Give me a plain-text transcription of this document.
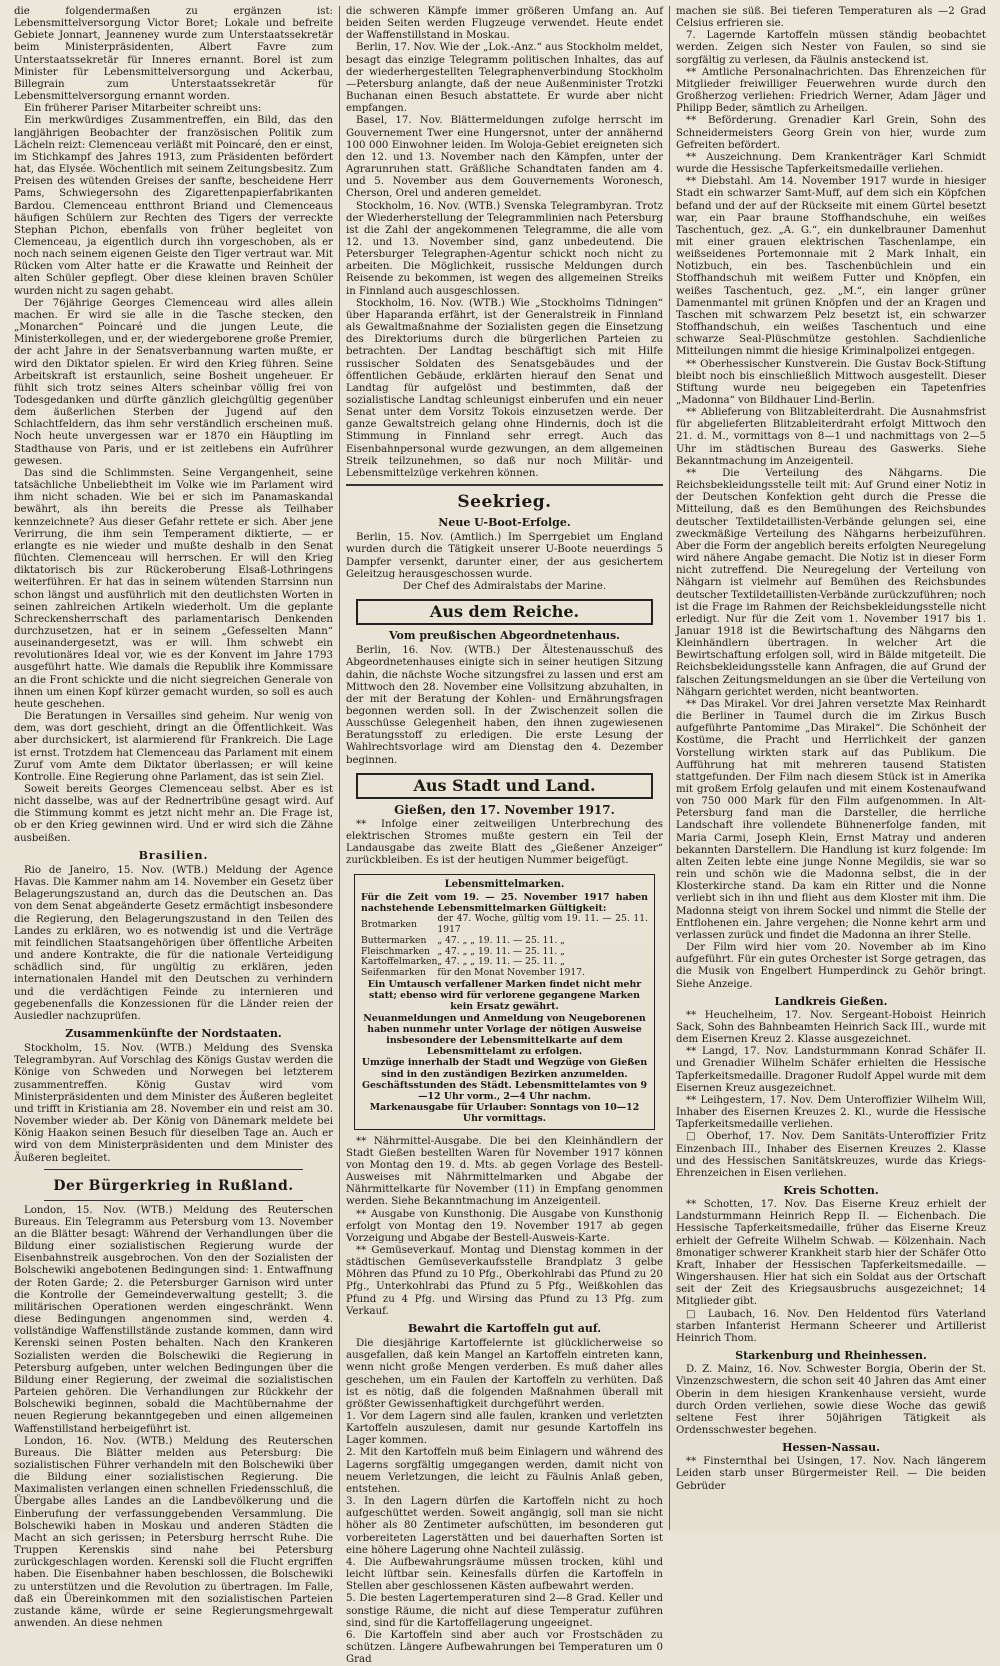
die folgendermaßen zu ergänzen ist: Lebensmittelversorgung Victor Boret; Lokale und befreite Gebiete Jonnart, Jeanneney wurde zum Unterstaatssekretär beim Ministerpräsidenten, Albert Favre zum Unterstaatssekretär für Inneres ernannt. Borel ist zum Minister für Lebensmittelversorgung und Ackerbau, Billegrain zum Unterstaatssekretär für Lebensmittelversorgung ernannt worden.

Ein früherer Pariser Mitarbeiter schreibt uns:

Ein merkwürdiges Zusammentreffen, ein Bild, das den langjährigen Beobachter der französischen Politik zum Lächeln reizt: Clemenceau verläßt mit Poincaré, den er einst, im Stichkampf des Jahres 1913, zum Präsidenten befördert hat, das Elysée. Wöchentlich mit seinem Zeitungsbesitz. Zum Preisen des wütenden Greises der sanfte, bescheidene Herr Pams, Schwiegersohn des Zigarettenpapierfabrikanten Bardou. Clemenceau entthront Briand und Clemenceaus häufigen Schülern zur Rechten des Tigers der verreckte Stephan Pichon, ebenfalls von früher begleitet von Clemenceau, ja eigentlich durch ihn vorgeschoben, als er noch nach seinem eigenen Geiste den Tiger vertraut war. Mit Rücken vom Alter hatte er die Krawatte und Reinheit der alten Schüler gepflegt. Ober diese kleinen braven Schüler wurden nicht zu sagen gehabt.

Der 76jährige Georges Clemenceau wird alles allein machen. Er wird sie alle in die Tasche stecken, den „Monarchen“ Poincaré und die jungen Leute, die Ministerkollegen, und er, der wiedergeborene große Premier, der acht Jahre in der Senatsverbannung warten mußte, er wird den Diktator spielen. Er wird den Krieg führen. Seine Arbeitskraft ist erstaunlich, seine Bosheit ungeheuer. Er fühlt sich trotz seines Alters scheinbar völlig frei von Todesgedanken und dürfte gänzlich gleichgültig gegenüber dem äußerlichen Sterben der Jugend auf den Schlachtfeldern, das ihm sehr verständlich erscheinen muß. Noch heute unvergessen war er 1870 ein Häuptling im Stadthause von Paris, und er ist zeitlebens ein Aufrührer gewesen.

Das sind die Schlimmsten. Seine Vergangenheit, seine tatsächliche Unbeliebtheit im Volke wie im Parlament wird ihm nicht schaden. Wie bei er sich im Panamaskandal bewährt, als ihn bereits die Presse als Teilhaber kennzeichnete? Aus dieser Gefahr rettete er sich. Aber jene Verirrung, die ihm sein Temperament diktierte, — er erlangte es nie wieder und mußte deshalb in den Senat flüchten. Clemenceau will herrschen. Er will den Krieg diktatorisch bis zur Rückeroberung Elsaß-Lothringens weiterführen. Er hat das in seinem wütenden Starrsinn nun schon längst und ausführlich mit den deutlichsten Worten in seinen zahlreichen Artikeln wiederholt. Um die geplante Schreckensherrschaft des parlamentarisch Denkenden durchzusetzen, hat er in seinem „Gefesselten Mann“ auseinandergesetzt, was er will. Ihm schwebt ein revolutionäres Ideal vor, wie es der Konvent im Jahre 1793 ausgeführt hatte. Wie damals die Republik ihre Kommissare an die Front schickte und die nicht siegreichen Generale von ihnen um einen Kopf kürzer gemacht wurden, so soll es auch heute geschehen.

Die Beratungen in Versailles sind geheim. Nur wenig von dem, was dort geschieht, dringt an die Öffentlichkeit. Was aber durchsickert, ist alarmierend für Frankreich. Die Lage ist ernst. Trotzdem hat Clemenceau das Parlament mit einem Zuruf vom Amte dem Diktator überlassen; er will keine Kontrolle. Eine Regierung ohne Parlament, das ist sein Ziel.

Soweit bereits Georges Clemenceau selbst. Aber es ist nicht dasselbe, was auf der Rednertribüne gesagt wird. Auf die Stimmung kommt es jetzt nicht mehr an. Die Frage ist, ob er den Krieg gewinnen wird. Und er wird sich die Zähne ausbeißen.

Brasilien.

Rio de Janeiro, 15. Nov. (WTB.) Meldung der Agence Havas. Die Kammer nahm am 14. November ein Gesetz über Belagerungszustand an, durch das die Deutschen an. Das von dem Senat abgeänderte Gesetz ermächtigt insbesondere die Regierung, den Belagerungszustand in den Teilen des Landes zu erklären, wo es notwendig ist und die Verträge mit feindlichen Staatsangehörigen über öffentliche Arbeiten und andere Kontrakte, die für die nationale Verteidigung schädlich sind, für ungültig zu erklären, jeden internationalen Handel mit den Deutschen zu verhindern und die verdächtigen Feinde zu internieren und gegebenenfalls die Konzessionen für die Länder reien der Ausiedler nachzuprüfen.

Zusammenkünfte der Nordstaaten.

Stockholm, 15. Nov. (WTB.) Meldung des Svenska Telegrambyran. Auf Vorschlag des Königs Gustav werden die Könige von Schweden und Norwegen bei letzterem zusammentreffen. König Gustav wird vom Ministerpräsidenten und dem Minister des Äußeren begleitet und trifft in Kristiania am 28. November ein und reist am 30. November wieder ab. Der König von Dänemark meldete bei König Haakon seinen Besuch für dieselben Tage an. Auch er wird von dem Ministerpräsidenten und dem Minister des Äußeren begleitet.

Der Bürgerkrieg in Rußland.

London, 15. Nov. (WTB.) Meldung des Reuterschen Bureaus. Ein Telegramm aus Petersburg vom 13. November an die Blätter besagt: Während der Verhandlungen über die Bildung einer sozialistischen Regierung wurde der Eisenbahnstreik ausgebrochen. Von den der Sozialisten der Bolschewiki angebotenen Bedingungen sind: 1. Entwaffnung der Roten Garde; 2. die Petersburger Garnison wird unter die Kontrolle der Gemeindeverwaltung gestellt; 3. die militärischen Operationen werden eingeschränkt. Wenn diese Bedingungen angenommen sind, werden 4. vollständige Waffenstillstände zustande kommen, dann wird Kerenski seinen Posten behalten. Nach den Krankeren Sozialisten werden die Bolschewiki die Regierung in Petersburg aufgeben, unter welchen Bedingungen über die Bildung einer Regierung, der zweimal die sozialistischen Parteien gehören. Die Verhandlungen zur Rückkehr der Bolschewiki beginnen, sobald die Machtübernahme der neuen Regierung bekanntgegeben und einen allgemeinen Waffenstillstand herbeigeführt ist.

London, 16. Nov. (WTB.) Meldung des Reuterschen Bureaus. Die Blätter melden aus Petersburg: Die sozialistischen Führer verhandeln mit den Bolschewiki über die Bildung einer sozialistischen Regierung. Die Maximalisten verlangen einen schnellen Friedensschluß, die Übergabe alles Landes an die Landbevölkerung und die Einberufung der verfassunggebenden Versammlung. Die Bolschewiki haben in Moskau und anderen Städten die Macht an sich gerissen; in Petersburg herrscht Ruhe. Die Truppen Kerenskis sind nahe bei Petersburg zurückgeschlagen worden. Kerenski soll die Flucht ergriffen haben. Die Eisenbahner haben beschlossen, die Bolschewiki zu unterstützen und die Revolution zu übertragen. Im Falle, daß ein Übereinkommen mit den sozialistischen Parteien zustande käme, würde er seine Regierungsmehrgewalt anwenden. An diese nehmen

die schweren Kämpfe immer größeren Umfang an. Auf beiden Seiten werden Flugzeuge verwendet. Heute endet der Waffenstillstand in Moskau.

Berlin, 17. Nov. Wie der „Lok.-Anz.“ aus Stockholm meldet, besagt das einzige Telegramm politischen Inhaltes, das auf der wiederhergestellten Telegraphenverbindung Stockholm—Petersburg anlangte, daß der neue Außenminister Trotzki Buchanan einen Besuch abstattete. Er wurde aber nicht empfangen.

Basel, 17. Nov. Blättermeldungen zufolge herrscht im Gouvernement Twer eine Hungersnot, unter der annähernd 100 000 Einwohner leiden. Im Woloja-Gebiet ereigneten sich den 12. und 13. November nach den Kämpfen, unter der Agrarunruhen statt. Gräßliche Schandtaten fanden am 4. und 5. November aus dem Gouvernements Woronesch, Cherson, Orel und anderen gemeldet.

Stockholm, 16. Nov. (WTB.) Svenska Telegrambyran. Trotz der Wiederherstellung der Telegrammlinien nach Petersburg ist die Zahl der angekommenen Telegramme, die alle vom 12. und 13. November sind, ganz unbedeutend. Die Petersburger Telegraphen-Agentur schickt noch nicht zu arbeiten. Die Möglichkeit, russische Meldungen durch Reisende zu bekommen, ist wegen des allgemeinen Streiks in Finnland auch ausgeschlossen.

Stockholm, 16. Nov. (WTB.) Wie „Stockholms Tidningen“ über Haparanda erfährt, ist der Generalstreik in Finnland als Gewaltmaßnahme der Sozialisten gegen die Einsetzung des Direktoriums durch die bürgerlichen Parteien zu betrachten. Der Landtag beschäftigt sich mit Hilfe russischer Soldaten des Senatsgebäudes und der öffentlichen Gebäude, erklärten hierauf den Senat und Landtag für aufgelöst und bestimmten, daß der sozialistische Landtag schleunigst einberufen und ein neuer Senat unter dem Vorsitz Tokois einzusetzen werde. Der ganze Gewaltstreich gelang ohne Hindernis, doch ist die Stimmung in Finnland sehr erregt. Auch das Eisenbahnpersonal wurde gezwungen, an dem allgemeinen Streik teilzunehmen, so daß nur noch Militär- und Lebensmittelzüge verkehren können.

Seekrieg.
Neue U-Boot-Erfolge.

Berlin, 15. Nov. (Amtlich.) Im Sperrgebiet um England wurden durch die Tätigkeit unserer U-Boote neuerdings 5 Dampfer versenkt, darunter einer, der aus gesichertem Geleitzug herausgeschossen wurde.

Der Chef des Admiralstabs der Marine.

Aus dem Reiche.
Vom preußischen Abgeordnetenhaus.

Berlin, 16. Nov. (WTB.) Der Ältestenausschuß des Abgeordnetenhauses einigte sich in seiner heutigen Sitzung dahin, die nächste Woche sitzungsfrei zu lassen und erst am Mittwoch den 28. November eine Vollsitzung abzuhalten, in der mit der Beratung der Kohlen- und Ernährungsfragen begonnen werden soll. In der Zwischenzeit sollen die Ausschüsse Gelegenheit haben, den ihnen zugewiesenen Beratungsstoff zu erledigen. Die erste Lesung der Wahlrechtsvorlage wird am Dienstag den 4. Dezember beginnen.

Aus Stadt und Land.
Gießen, den 17. November 1917.

** Infolge einer zeitweiligen Unterbrechung des elektrischen Stromes mußte gestern ein Teil der Landausgabe das zweite Blatt des „Gießener Anzeiger“ zurückbleiben. Es ist der heutigen Nummer beigefügt.

Lebensmittelmarken.
Für die Zeit vom 19. — 25. November 1917 haben nachstehende Lebensmittelmarken Gültigkeit:
Brotmarken	der 47. Woche, gültig vom 19. 11. — 25. 11. 1917
Buttermarken	„ 47. „ „ 19. 11. — 25. 11. „
Fleischmarken	„ 47. „ „ 19. 11. — 25. 11. „
Kartoffelmarken	„ 47. „ „ 19. 11. — 25. 11. „
Seifenmarken	für den Monat November 1917.
Ein Umtausch verfallener Marken findet nicht mehr statt; ebenso wird für verlorene gegangene Marken kein Ersatz gewährt.
Neuanmeldungen und Anmeldung von Neugeborenen haben nunmehr unter Vorlage der nötigen Ausweise insbesondere der Lebensmittelkarte auf dem Lebensmittelamt zu erfolgen.
Umzüge innerhalb der Stadt und Wegzüge von Gießen sind in den zuständigen Bezirken anzumelden.
Geschäftsstunden des Städt. Lebensmittelamtes von 9—12 Uhr vorm., 2—4 Uhr nachm.
Markenausgabe für Urlauber: Sonntags von 10—12 Uhr vormittags.

** Nährmittel-Ausgabe. Die bei den Kleinhändlern der Stadt Gießen bestellten Waren für November 1917 können von Montag den 19. d. Mts. ab gegen Vorlage des Bestell-Ausweises mit Nährmittelmarken und Abgabe der Nährmittelkarte für November (11) in Empfang genommen werden. Siehe Bekanntmachung im Anzeigenteil.

** Ausgabe von Kunsthonig. Die Ausgabe von Kunsthonig erfolgt von Montag den 19. November 1917 ab gegen Vorzeigung und Abgabe der Bestell-Ausweis-Karte.

** Gemüseverkauf. Montag und Dienstag kommen in der städtischen Gemüseverkaufsstelle Brandplatz 3 gelbe Möhren das Pfund zu 10 Pfg., Oberkohlrabi das Pfund zu 20 Pfg., Unterkohlrabi das Pfund zu 5 Pfg., Weißkohlen das Pfund zu 4 Pfg. und Wirsing das Pfund zu 13 Pfg. zum Verkauf.

Bewahrt die Kartoffeln gut auf.

Die diesjährige Kartoffelernte ist glücklicherweise so ausgefallen, daß kein Mangel an Kartoffeln eintreten kann, wenn nicht große Mengen verderben. Es muß daher alles geschehen, um ein Faulen der Kartoffeln zu verhüten. Daß ist es nötig, daß die folgenden Maßnahmen überall mit größter Gewissenhaftigkeit durchgeführt werden.

1. Vor dem Lagern sind alle faulen, kranken und verletzten Kartoffeln auszulesen, damit nur gesunde Kartoffeln ins Lager kommen.

2. Mit den Kartoffeln muß beim Einlagern und während des Lagerns sorgfältig umgegangen werden, damit nicht von neuem Verletzungen, die leicht zu Fäulnis Anlaß geben, entstehen.

3. In den Lagern dürfen die Kartoffeln nicht zu hoch aufgeschüttet werden. Soweit angängig, soll man sie nicht höher als 80 Zentimeter aufschütten, im besonderen gut vorbereiteten Lagerstätten und bei dauerhaften Sorten ist eine höhere Lagerung ohne Nachteil zulässig.

4. Die Aufbewahrungsräume müssen trocken, kühl und leicht lüftbar sein. Keinesfalls dürfen die Kartoffeln in Stellen aber geschlossenen Kästen aufbewahrt werden.

5. Die besten Lagertemperaturen sind 2—8 Grad. Keller und sonstige Räume, die nicht auf diese Temperatur zuführen sind, sind für die Kartoffellagerung ungeeignet.

6. Die Kartoffeln sind aber auch vor Frostschäden zu schützen. Längere Aufbewahrungen bei Temperaturen um 0 Grad

machen sie süß. Bei tieferen Temperaturen als —2 Grad Celsius erfrieren sie.

7. Lagernde Kartoffeln müssen ständig beobachtet werden. Zeigen sich Nester von Faulen, so sind sie sorgfältig zu verlesen, da Fäulnis ansteckend ist.

** Amtliche Personalnachrichten. Das Ehrenzeichen für Mitglieder freiwilliger Feuerwehren wurde durch den Großherzog verliehen: Friedrich Werner, Adam Jäger und Philipp Beder, sämtlich zu Arheilgen.

** Beförderung. Grenadier Karl Grein, Sohn des Schneidermeisters Georg Grein von hier, wurde zum Gefreiten befördert.

** Auszeichnung. Dem Krankenträger Karl Schmidt wurde die Hessische Tapferkeitsmedaille verliehen.

** Diebstahl. Am 14. November 1917 wurde in hiesiger Stadt ein schwarzer Samt-Muff, auf dem sich ein Köpfchen befand und der auf der Rückseite mit einem Gürtel besetzt war, ein Paar braune Stoffhandschuhe, ein weißes Taschentuch, gez. „A. G.“, ein dunkelbrauner Damenhut mit einer grauen elektrischen Taschenlampe, ein weißseidenes Portemonnaie mit 2 Mark Inhalt, ein Notizbuch, ein bes. Taschenbüchlein und ein Stoffhandschuh mit weißem Futter und Knöpfen, ein weißes Taschentuch, gez. „M.“, ein langer grüner Damenmantel mit grünen Knöpfen und der an Kragen und Taschen mit schwarzem Pelz besetzt ist, ein schwarzer Stoffhandschuh, ein weißes Taschentuch und eine schwarze Seal-Plüschmütze gestohlen. Sachdienliche Mitteilungen nimmt die hiesige Kriminalpolizei entgegen.

** Oberhessischer Kunstverein. Die Gustav Bock-Stiftung bleibt noch bis einschließlich Mittwoch ausgestellt. Dieser Stiftung wurde neu beigegeben ein Tapetenfries „Madonna“ von Bildhauer Lind-Berlin.

** Ablieferung von Blitzableiterdraht. Die Ausnahmsfrist für abgelieferten Blitzableiterdraht erfolgt Mittwoch den 21. d. M., vormittags von 8—1 und nachmittags von 2—5 Uhr im städtischen Bureau des Gaswerks. Siehe Bekanntmachung im Anzeigenteil.

** Die Verteilung des Nähgarns. Die Reichsbekleidungsstelle teilt mit: Auf Grund einer Notiz in der Deutschen Konfektion geht durch die Presse die Mitteilung, daß es den Bemühungen des Reichsbundes deutscher Textildetaillisten-Verbände gelungen sei, eine zweckmäßige Verteilung des Nähgarns herbeizuführen. Aber die Form der angeblich bereits erfolgten Neuregelung wird nähere Angabe gemacht. Die Notiz ist in dieser Form nicht zutreffend. Die Neuregelung der Verteilung von Nähgarn ist vielmehr auf Bemühen des Reichsbundes deutscher Textildetaillisten-Verbände zurückzuführen; noch ist die Frage im Rahmen der Reichsbekleidungsstelle nicht erledigt. Nur für die Zeit vom 1. November 1917 bis 1. Januar 1918 ist die Bewirtschaftung des Nähgarns den Kleinhändlern übertragen. In welcher Art die Bewirtschaftung erfolgen soll, wird in Bälde mitgeteilt. Die Reichsbekleidungsstelle kann Anfragen, die auf Grund der falschen Zeitungsmeldungen an sie über die Verteilung von Nähgarn gerichtet werden, nicht beantworten.

** Das Mirakel. Vor drei Jahren versetzte Max Reinhardt die Berliner in Taumel durch die im Zirkus Busch aufgeführte Pantomime „Das Mirakel“. Die Schönheit der Kostüme, die Pracht und Herrlichkeit der ganzen Vorstellung wirkten stark auf das Publikum. Die Aufführung hat mit mehreren tausend Statisten stattgefunden. Der Film nach diesem Stück ist in Amerika mit großem Erfolg gelaufen und mit einem Kostenaufwand von 750 000 Mark für den Film aufgenommen. In Alt-Petersburg fand man die Darsteller, die herrliche Landschaft ihre vollendete Bühnenerfolge fanden, mit Maria Carmi, Joseph Klein, Ernst Matray und anderen bekannten Darstellern. Die Handlung ist kurz folgende: Im alten Zeiten lebte eine junge Nonne Megildis, sie war so rein und schön wie die Madonna selbst, die in der Klosterkirche stand. Da kam ein Ritter und die Nonne verliebt sich in ihn und flieht aus dem Kloster mit ihm. Die Madonna steigt von ihrem Sockel und nimmt die Stelle der Entflohenen ein. Jahre vergehen; die Nonne kehrt arm und verlassen zurück und findet die Madonna an ihrer Stelle.

Der Film wird hier vom 20. November ab im Kino aufgeführt. Für ein gutes Orchester ist Sorge getragen, das die Musik von Engelbert Humperdinck zu Gehör bringt. Siehe Anzeige.

Landkreis Gießen.

** Heuchelheim, 17. Nov. Sergeant-Hoboist Heinrich Sack, Sohn des Bahnbeamten Heinrich Sack III., wurde mit dem Eisernen Kreuz 2. Klasse ausgezeichnet.

** Langd, 17. Nov. Landsturmmann Konrad Schäfer II. und Grenadier Wilhelm Schäfer erhielten die Hessische Tapferkeitsmedaille. Dragoner Rudolf Appel wurde mit dem Eisernen Kreuz ausgezeichnet.

** Leihgestern, 17. Nov. Dem Unteroffizier Wilhelm Will, Inhaber des Eisernen Kreuzes 2. Kl., wurde die Hessische Tapferkeitsmedaille verliehen.

□ Oberhof, 17. Nov. Dem Sanitäts-Unteroffizier Fritz Einzenbach III., Inhaber des Eisernen Kreuzes 2. Klasse und des Hessischen Sanitätskreuzes, wurde das Kriegs-Ehrenzeichen in Eisen verliehen.

Kreis Schotten.

** Schotten, 17. Nov. Das Eiserne Kreuz erhielt der Landsturmmann Heinrich Repp II. — Eichenbach. Die Hessische Tapferkeitsmedaille, früher das Eiserne Kreuz erhielt der Gefreite Wilhelm Schwab. — Kölzenhain. Nach 8monatiger schwerer Krankheit starb hier der Schäfer Otto Kraft, Inhaber der Hessischen Tapferkeitsmedaille. — Wingershausen. Hier hat sich ein Soldat aus der Ortschaft seit der Zeit des Kriegsausbruchs ausgezeichnet; 14 Mitglieder gibt.

□ Laubach, 16. Nov. Den Heldentod fürs Vaterland starben Infanterist Hermann Scheerer und Artillerist Heinrich Thom.

Starkenburg und Rheinhessen.

D. Z. Mainz, 16. Nov. Schwester Borgia, Oberin der St. Vinzenzschwestern, die schon seit 40 Jahren das Amt einer Oberin in dem hiesigen Krankenhause versieht, wurde durch Orden verliehen, sowie diese Woche das gewiß seltene Fest ihrer 50jährigen Tätigkeit als Ordensschwester begehen.

Hessen-Nassau.

** Finsternthal bei Usingen, 17. Nov. Nach längerem Leiden starb unser Bürgermeister Reil. — Die beiden Gebrüder
